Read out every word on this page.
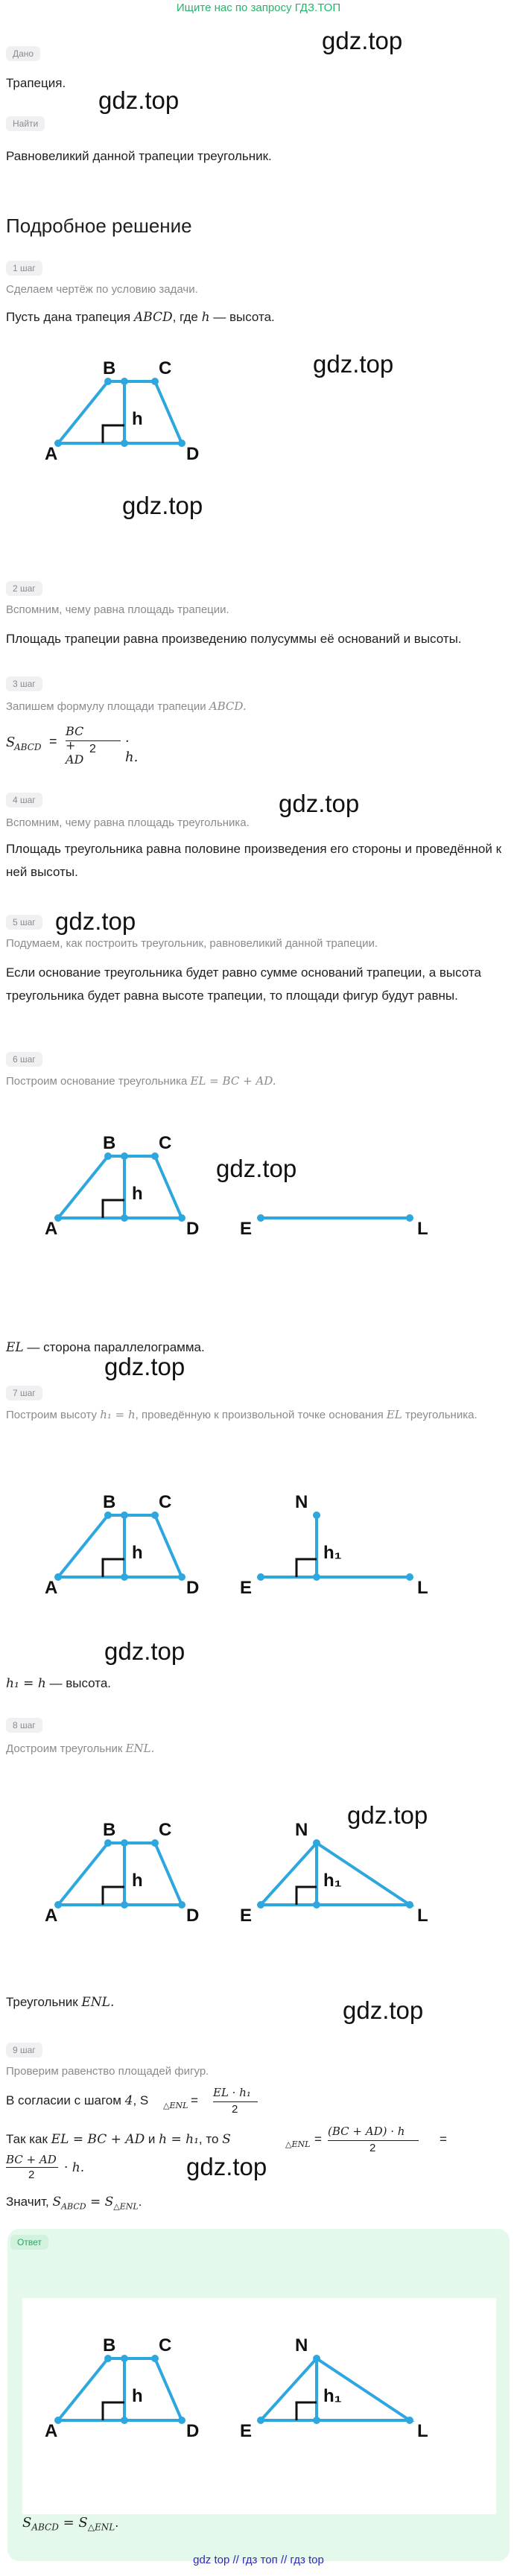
Ищите нас по запросу ГДЗ.ТОП
gdz.top
gdz.top
gdz.top
gdz.top
gdz.top
gdz.top
gdz.top
gdz.top
gdz.top
gdz.top
gdz.top
gdz.top
Дано
Трапеция.
Найти
Равновеликий данной трапеции треугольник.
Подробное решение
1 шаг
Сделаем чертёж по условию задачи.
Пусть дана трапеция ABCD, где h — высота.
A
B C
D
h
2 шаг
Вспомним, чему равна площадь трапеции.
Площадь трапеции равна произведению полусуммы её оснований и высоты.
3 шаг
Запишем формулу площади трапеции ABCD.
S
ABCD =
BC + AD
2 · h.
4 шаг
Вспомним, чему равна площадь треугольника.
Площадь треугольника равна половине произведения его стороны и проведённой к ней высоты.
5 шаг
Подумаем, как построить треугольник, равновеликий данной трапеции.
Если основание треугольника будет равно сумме оснований трапеции, а высота треугольника будет равна высоте трапеции, то площади фигур будут равны.
6 шаг
Построим основание треугольника EL = BC + AD.
A
B C
D
h
E	L
EL — сторона параллелограмма.
7 шаг
Построим высоту h₁ = h, проведённую к произвольной точке основания EL треугольника.
A
B C
D
h
E	L
N
h₁
h₁ = h — высота.
8 шаг
Достроим треугольник ENL.
A
B C
D
h
E	L
N
h₁
Треугольник ENL.
9 шаг
Проверим равенство площадей фигур.
В согласии с шагом 4, S △ENL =
EL · h₁
2
Так как EL = BC + AD и h = h₁, то S	△ENL =
(BC + AD) · h
2
=
BC + AD
2 · h.
Значит, $S_{ABCD} = S_{\triangle ENL}$.
Ответ
A
B C
D
h
E	L
N
h₁
$S_{ABCD} = S_{\triangle ENL}$.
gdz top // гдз топ // гдз top
